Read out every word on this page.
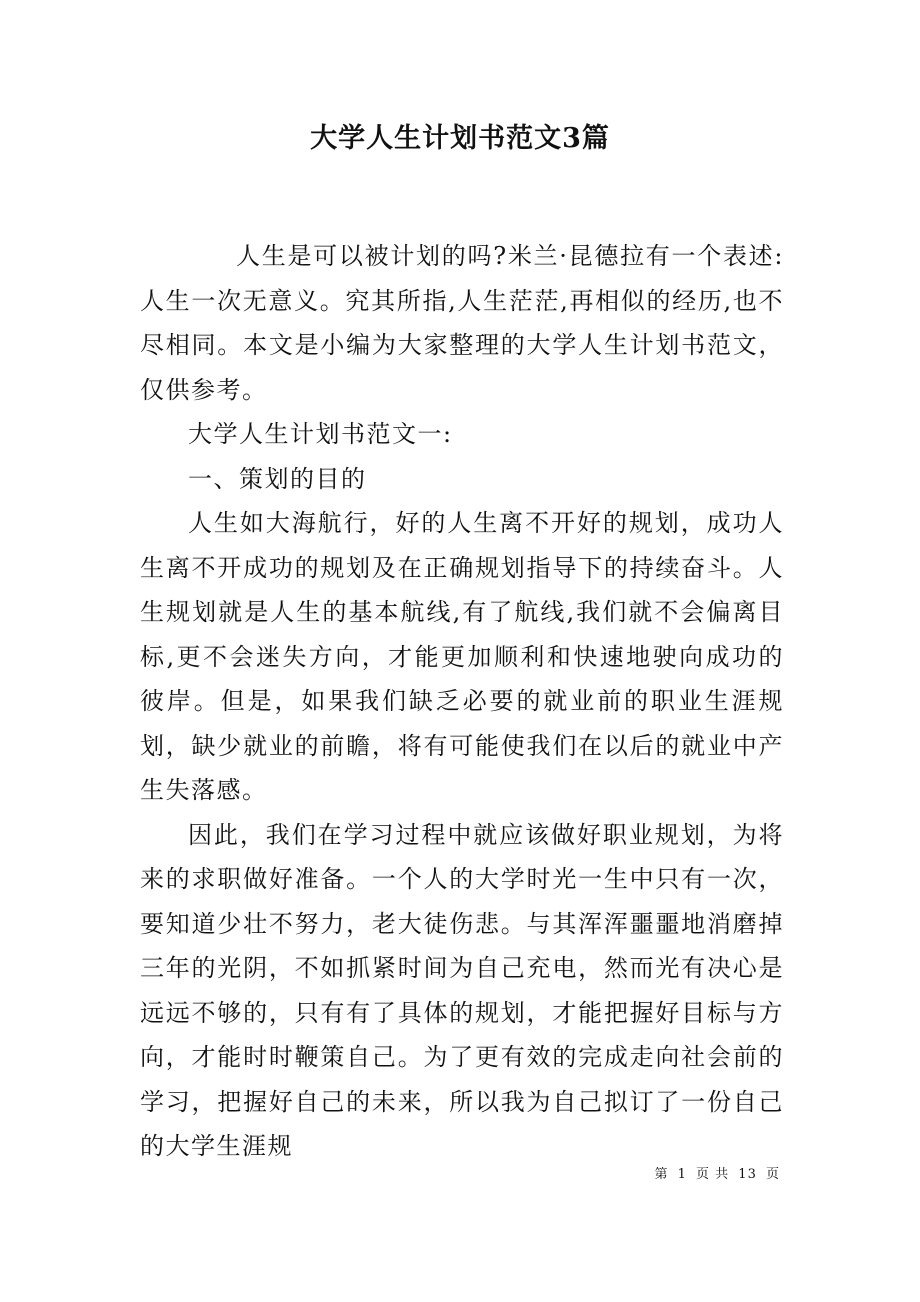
大学人生计划书范文3篇

人生是可以被计划的吗?米兰·昆德拉有一个表述:人生一次无意义。究其所指,人生茫茫,再相似的经历,也不尽相同。本文是小编为大家整理的大学人生计划书范文，仅供参考。

大学人生计划书范文一:

一、策划的目的

人生如大海航行，好的人生离不开好的规划，成功人生离不开成功的规划及在正确规划指导下的持续奋斗。人生规划就是人生的基本航线,有了航线,我们就不会偏离目标,更不会迷失方向，才能更加顺利和快速地驶向成功的彼岸。但是，如果我们缺乏必要的就业前的职业生涯规划，缺少就业的前瞻，将有可能使我们在以后的就业中产生失落感。

因此，我们在学习过程中就应该做好职业规划，为将来的求职做好准备。一个人的大学时光一生中只有一次，要知道少壮不努力，老大徒伤悲。与其浑浑噩噩地消磨掉三年的光阴，不如抓紧时间为自己充电，然而光有决心是远远不够的，只有有了具体的规划，才能把握好目标与方向，才能时时鞭策自己。为了更有效的完成走向社会前的学习，把握好自己的未来，所以我为自己拟订了一份自己的大学生涯规

第 1 页 共 13 页
